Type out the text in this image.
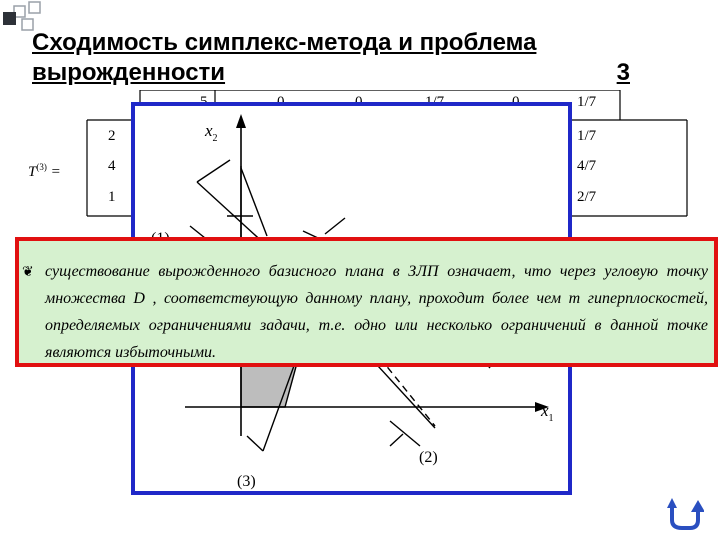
Сходимость симплекс-метода и проблема
вырожденности	3
1/7
2
4
1
1/7
4/7
2/7
$T^{(3)}$ =
$x_2$
$x_1$
(2)
(3)
❦ существование вырожденного базисного плана в ЗЛП означает, что через угловую точку множества D , соответствующую данному плану, проходит более чем т гиперплоскостей, определяемых ограничениями задачи, т.е. одно или несколько ограничений в данной точке являются избыточными.
